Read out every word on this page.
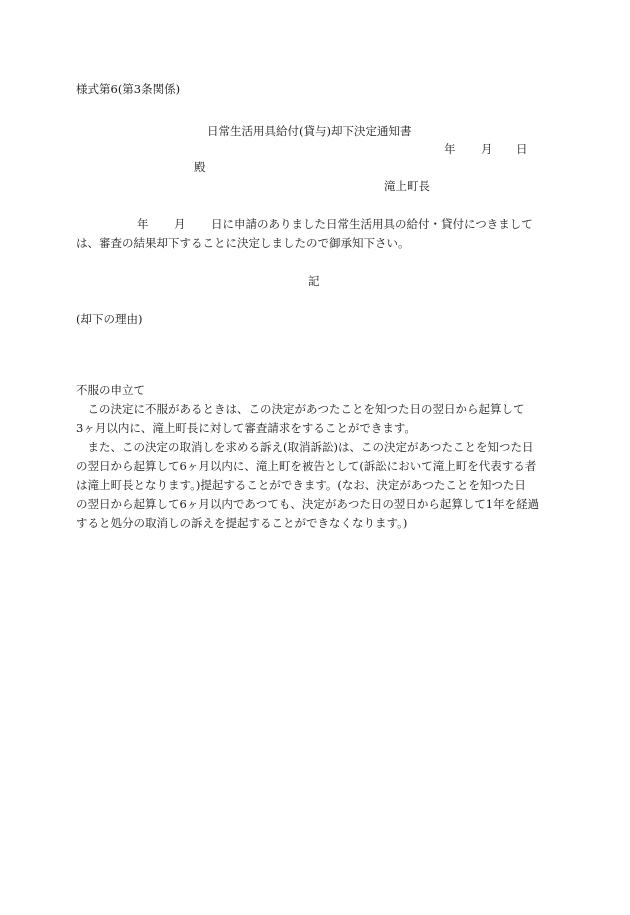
様式第6(第3条関係)
日常生活用具給付(貸与)却下決定通知書
年 月 日
殿
滝上町長
年 月 日に申請のありました日常生活用具の給付・貸付につきまして
は、審査の結果却下することに決定しましたので御承知下さい。
記
(却下の理由)
不服の申立て
　この決定に不服があるときは、この決定があつたことを知つた日の翌日から起算して
3ヶ月以内に、滝上町長に対して審査請求をすることができます。
　また、この決定の取消しを求める訴え(取消訴訟)は、この決定があつたことを知つた日
の翌日から起算して6ヶ月以内に、滝上町を被告として(訴訟において滝上町を代表する者
は滝上町長となります。)提起することができます。(なお、決定があつたことを知つた日
の翌日から起算して6ヶ月以内であつても、決定があつた日の翌日から起算して1年を経過
すると処分の取消しの訴えを提起することができなくなります。)
